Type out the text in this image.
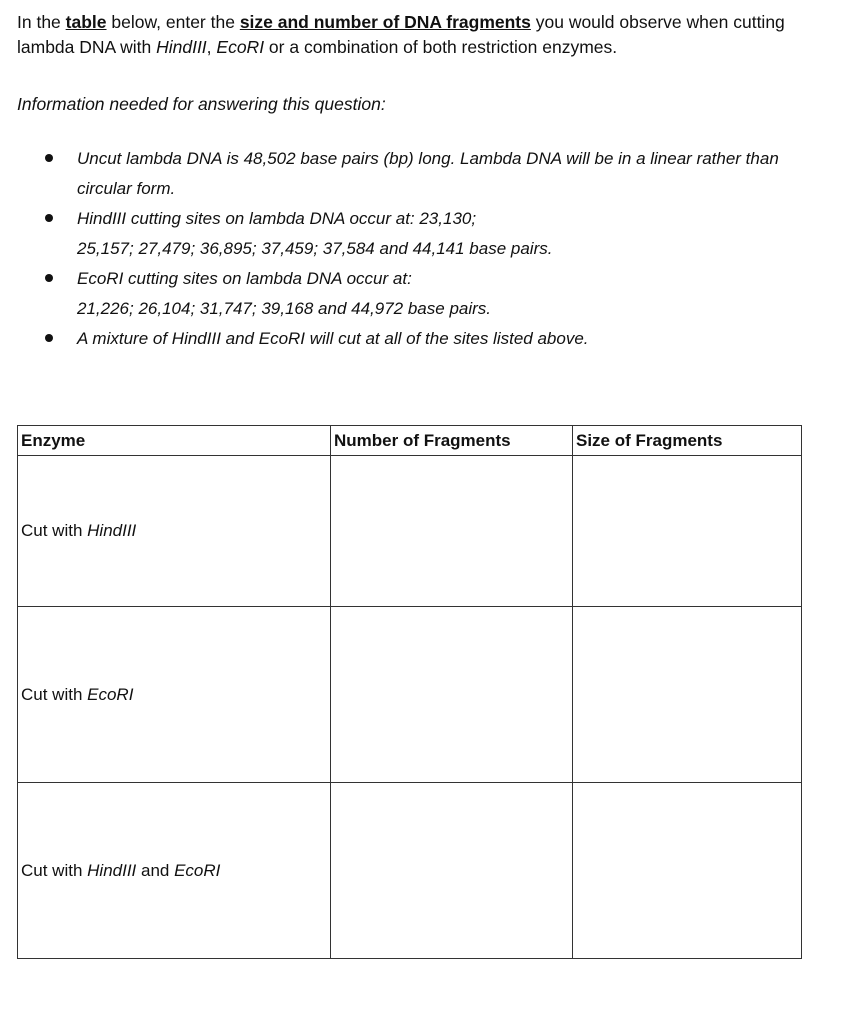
In the table below, enter the size and number of DNA fragments you would observe when cutting lambda DNA with HindIII, EcoRI or a combination of both restriction enzymes.
Information needed for answering this question:
Uncut lambda DNA is 48,502 base pairs (bp) long. Lambda DNA will be in a linear rather than circular form.
HindIII cutting sites on lambda DNA occur at: 23,130;
25,157; 27,479; 36,895; 37,459; 37,584 and 44,141 base pairs.
EcoRI cutting sites on lambda DNA occur at:
21,226; 26,104; 31,747; 39,168 and 44,972 base pairs.
A mixture of HindIII and EcoRI will cut at all of the sites listed above.
Enzyme	Number of Fragments	Size of Fragments
Cut with HindIII		
Cut with EcoRI		
Cut with HindIII and EcoRI		
